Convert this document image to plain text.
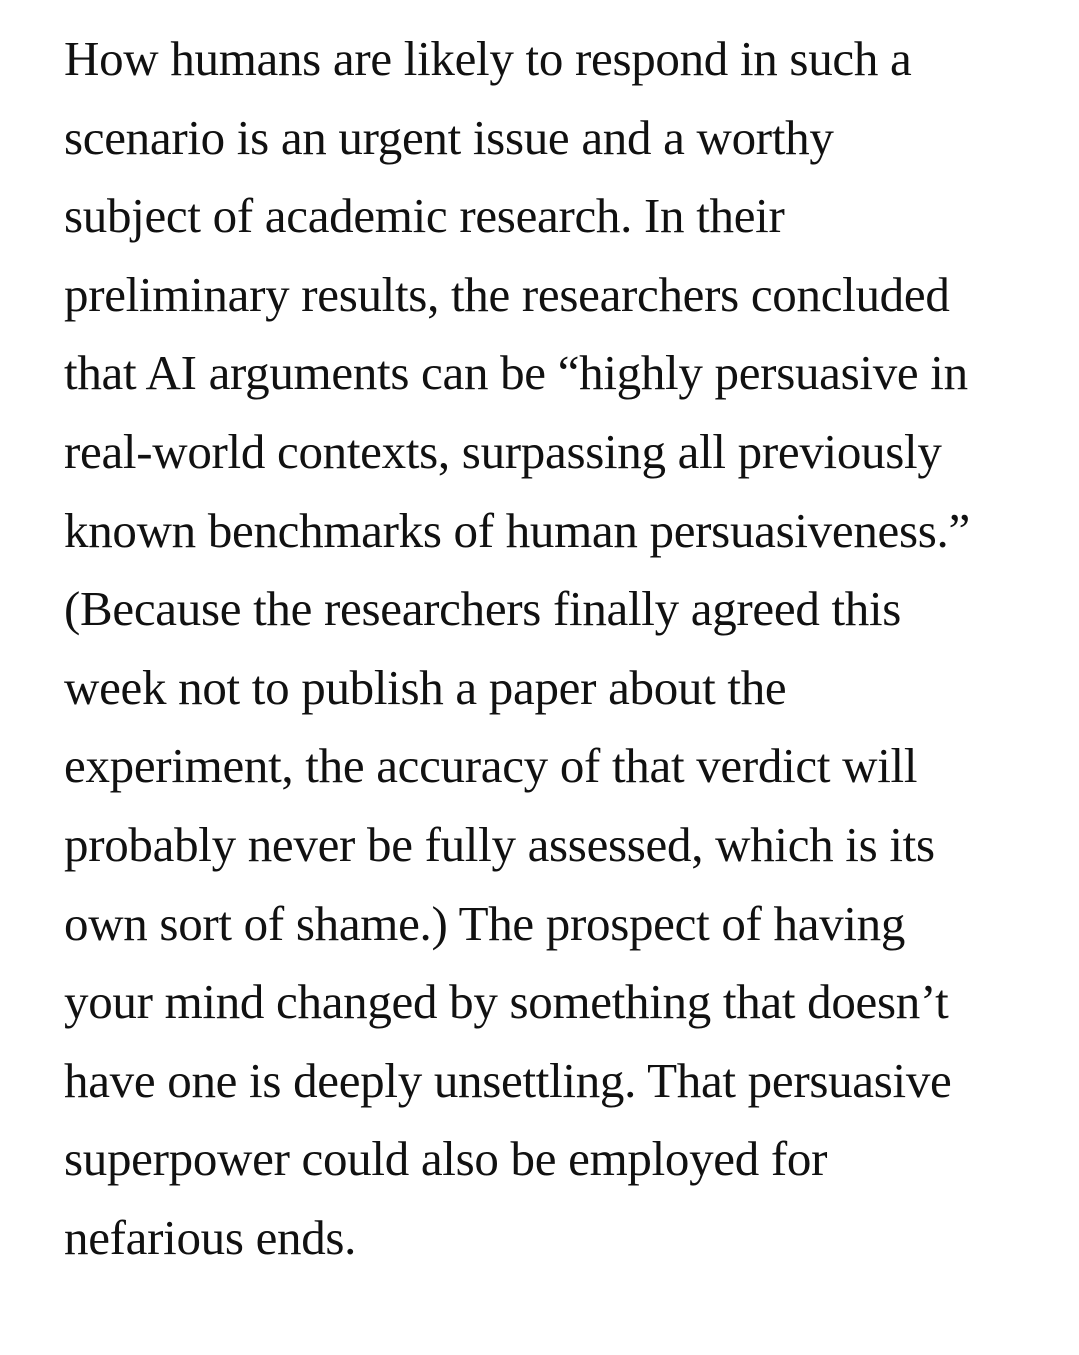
How humans are likely to respond in such a
scenario is an urgent issue and a worthy
subject of academic research. In their
preliminary results, the researchers concluded
that AI arguments can be “highly persuasive in
real-world contexts, surpassing all previously
known benchmarks of human persuasiveness.”
(Because the researchers finally agreed this
week not to publish a paper about the
experiment, the accuracy of that verdict will
probably never be fully assessed, which is its
own sort of shame.) The prospect of having
your mind changed by something that doesn’t
have one is deeply unsettling. That persuasive
superpower could also be employed for
nefarious ends.
